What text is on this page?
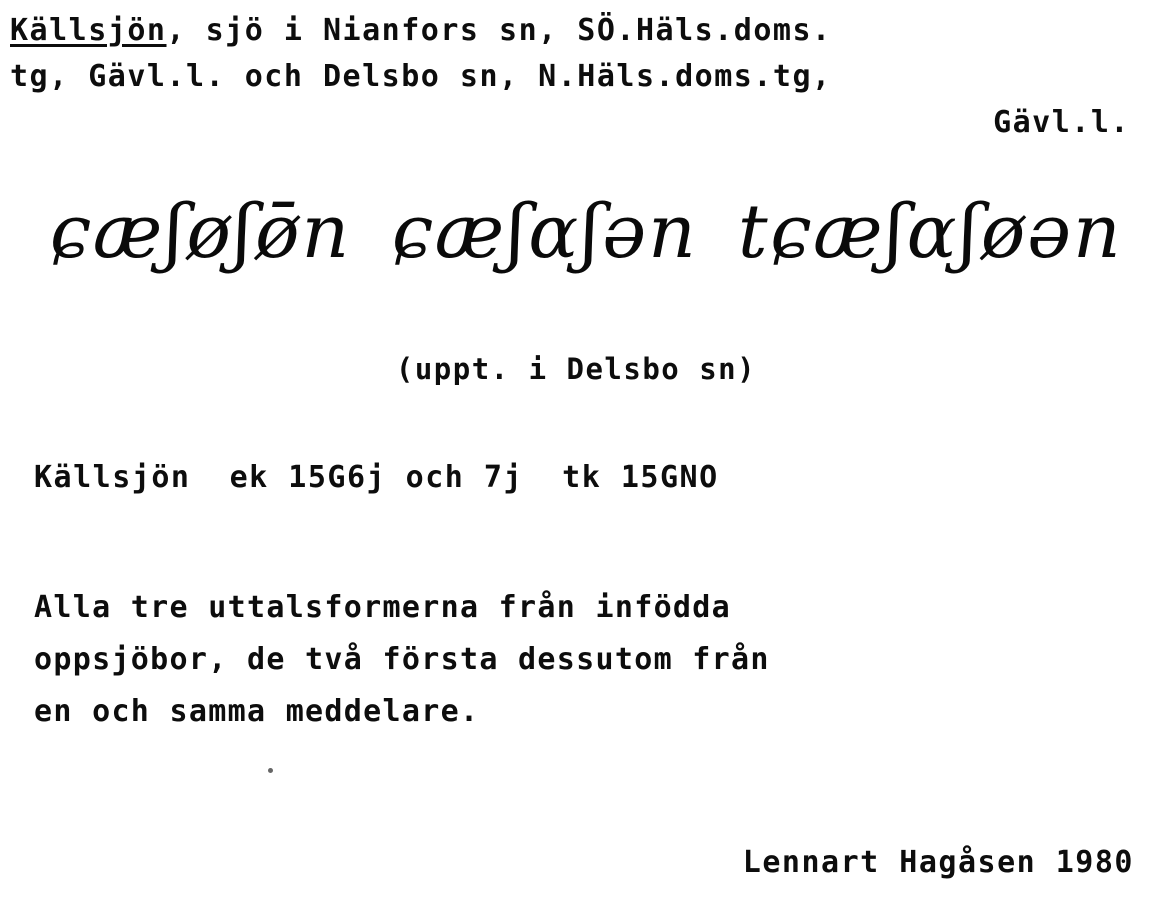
Källsjön, sjö i Nianfors sn, SÖ.Häls.doms.
tg, Gävl.l. och Delsbo sn, N.Häls.doms.tg,
Gävl.l.
ɕæʃøʃø̄n ɕæʃɑʃən tɕæʃɑʃøən
(uppt. i Delsbo sn)
Källsjön  ek 15G6j och 7j  tk 15GNO
Alla tre uttalsformerna från infödda
oppsjöbor, de två första dessutom från
en och samma meddelare.
Lennart Hagåsen 1980
